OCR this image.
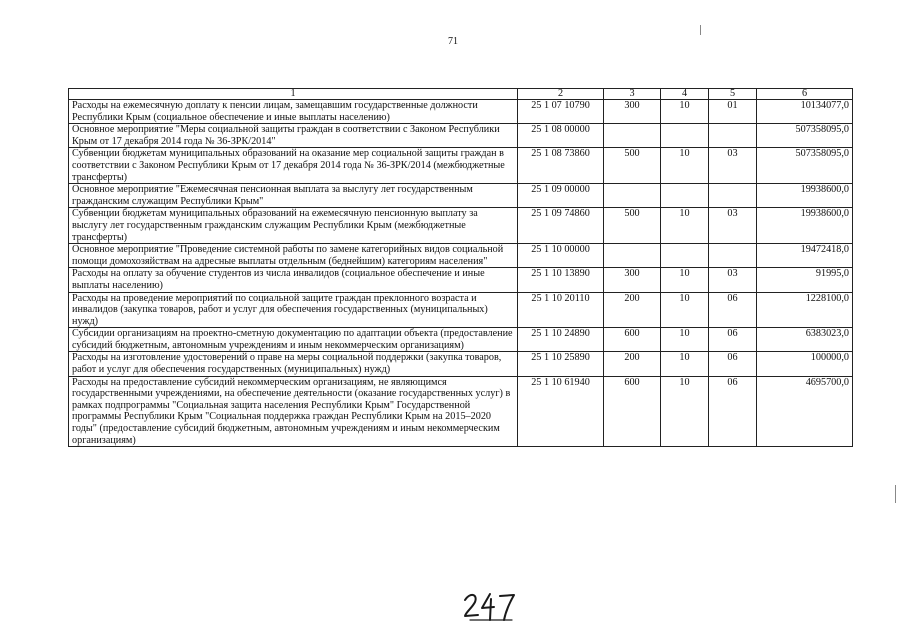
71
1	2	3	4	5	6
Расходы на ежемесячную доплату к пенсии лицам, замещавшим государственные должности Республики Крым (социальное обеспечение и иные выплаты населению)	25 1 07 10790	300	10	01	10134077,0
Основное мероприятие "Меры социальной защиты граждан в соответствии с Законом Республики Крым от 17 декабря 2014 года № 36-ЗРК/2014"	25 1 08 00000				507358095,0
Субвенции бюджетам муниципальных образований на оказание мер социальной защиты граждан в соответствии с Законом Республики Крым от 17 декабря 2014 года № 36-ЗРК/2014 (межбюджетные трансферты)	25 1 08 73860	500	10	03	507358095,0
Основное мероприятие "Ежемесячная пенсионная выплата за выслугу лет государственным гражданским служащим Республики Крым"	25 1 09 00000				19938600,0
Субвенции бюджетам муниципальных образований на ежемесячную пенсионную выплату за выслугу лет государственным гражданским служащим Республики Крым (межбюджетные трансферты)	25 1 09 74860	500	10	03	19938600,0
Основное мероприятие "Проведение системной работы по замене категорийных видов социальной помощи домохозяйствам на адресные выплаты отдельным (беднейшим) категориям населения"	25 1 10 00000				19472418,0
Расходы на оплату за обучение студентов из числа инвалидов (социальное обеспечение и иные выплаты населению)	25 1 10 13890	300	10	03	91995,0
Расходы на проведение мероприятий по социальной защите граждан преклонного возраста и инвалидов (закупка товаров, работ и услуг для обеспечения государственных (муниципальных) нужд)	25 1 10 20110	200	10	06	1228100,0
Субсидии организациям на проектно-сметную документацию по адаптации объекта (предоставление субсидий бюджетным, автономным учреждениям и иным некоммерческим организациям)	25 1 10 24890	600	10	06	6383023,0
Расходы на изготовление удостоверений о праве на меры социальной поддержки (закупка товаров, работ и услуг для обеспечения государственных (муниципальных) нужд)	25 1 10 25890	200	10	06	100000,0
Расходы на предоставление субсидий некоммерческим организациям, не являющимся государственными учреждениями, на обеспечение деятельности (оказание государственных услуг) в рамках подпрограммы "Социальная защита населения Республики Крым" Государственной программы Республики Крым "Социальная поддержка граждан Республики Крым на 2015–2020 годы" (предоставление субсидий бюджетным, автономным учреждениям и иным некоммерческим организациям)	25 1 10 61940	600	10	06	4695700,0
